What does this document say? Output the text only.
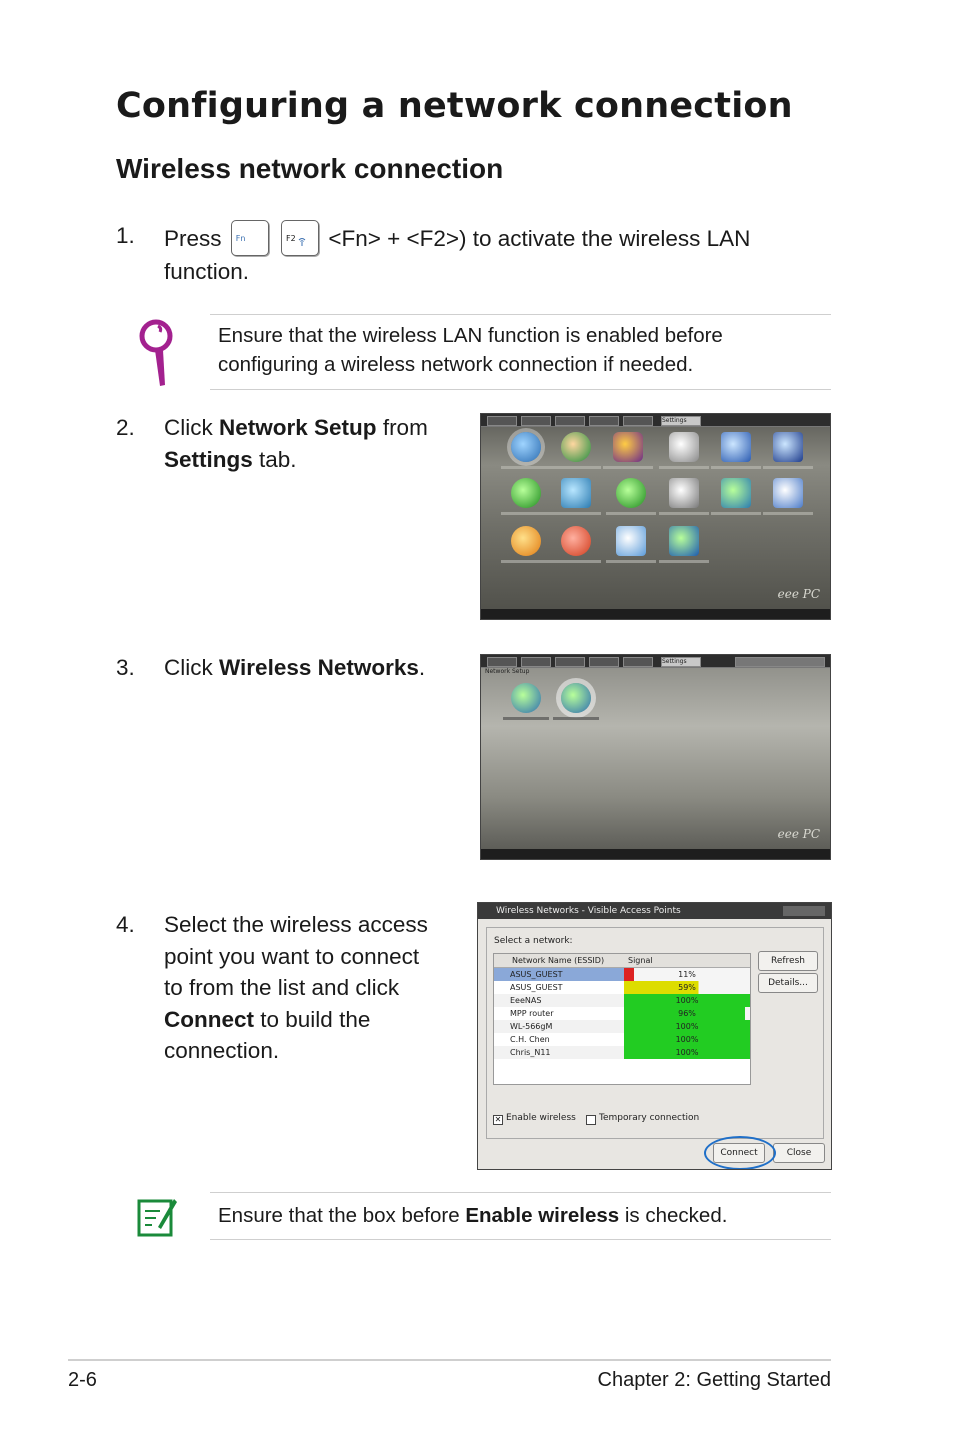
Configuring a network connection
Wireless network connection
1. Press Fn
	F2 <Fn> + <F2>) to activate the wireless LAN
function.

Ensure that the wireless LAN function is enabled before

configuring a wireless network connection if needed.

2. Click Network Setup from
Settings tab.
Settings
eee PC
3. Click Wireless Networks.	Settings
Network Setup
eee PC
4. Select the wireless access
point you want to connect
to from the list and click
Connect to build the
connection.
Wireless Networks - Visible Access Points
Select a network:
Network Name (ESSID)	Signal
ASUS_GUEST	11%
ASUS_GUEST	59%
EeeNAS	100%
MPP router	96%
WL-566gM	100%
C.H. Chen	100%
Chris_N11	100%
Refresh
Details...
✕ Enable wireless	Temporary connection
Connect	Close

Ensure that the box before Enable wireless is checked.

2-6	Chapter 2: Getting Started
